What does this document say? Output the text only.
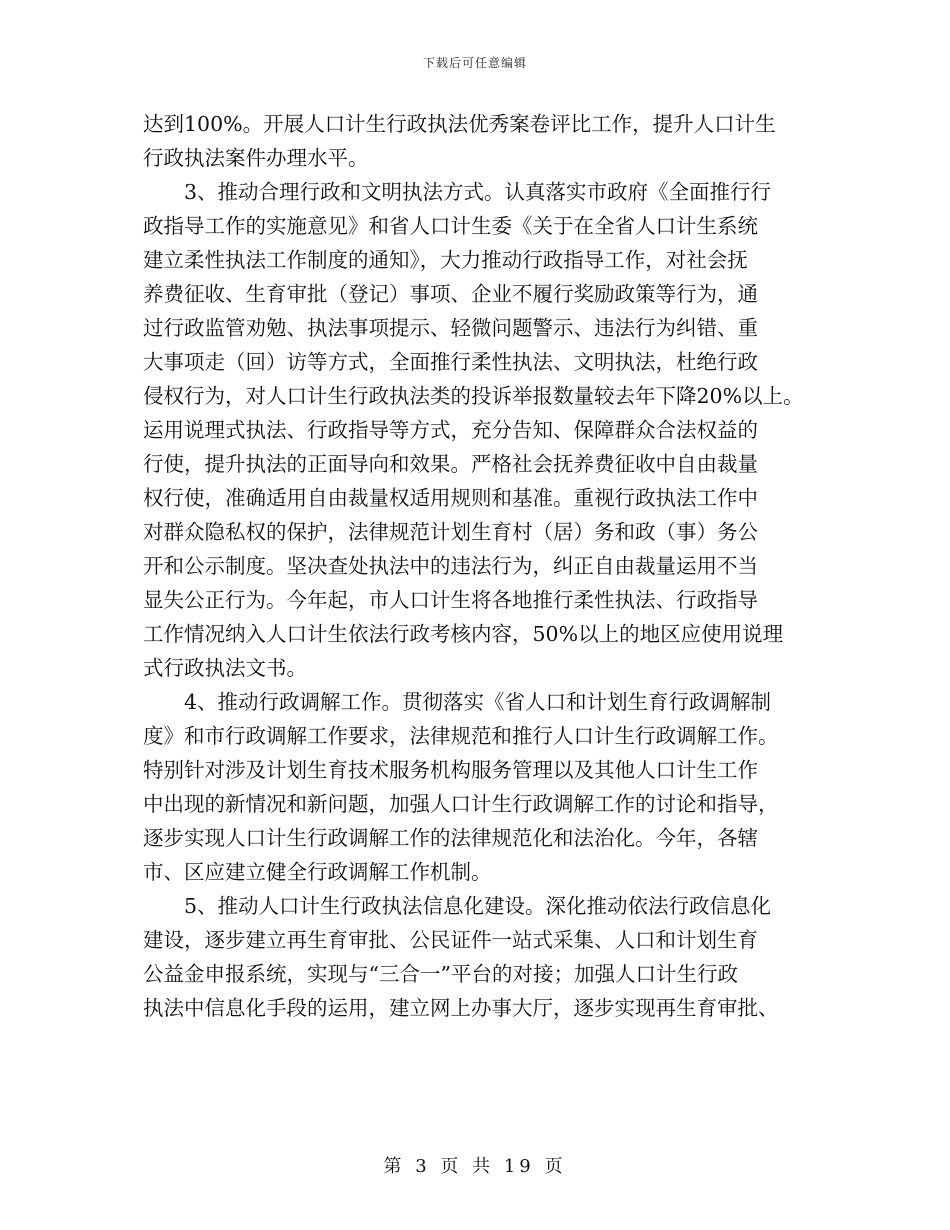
下载后可任意编辑
达到100%。开展人口计生行政执法优秀案卷评比工作，提升人口计生
行政执法案件办理水平。
3、推动合理行政和文明执法方式。认真落实市政府《全面推行行
政指导工作的实施意见》和省人口计生委《关于在全省人口计生系统
建立柔性执法工作制度的通知》，大力推动行政指导工作，对社会抚
养费征收、生育审批（登记）事项、企业不履行奖励政策等行为，通
过行政监管劝勉、执法事项提示、轻微问题警示、违法行为纠错、重
大事项走（回）访等方式，全面推行柔性执法、文明执法，杜绝行政
侵权行为，对人口计生行政执法类的投诉举报数量较去年下降20%以上。
运用说理式执法、行政指导等方式，充分告知、保障群众合法权益的
行使，提升执法的正面导向和效果。严格社会抚养费征收中自由裁量
权行使，准确适用自由裁量权适用规则和基准。重视行政执法工作中
对群众隐私权的保护，法律规范计划生育村（居）务和政（事）务公
开和公示制度。坚决查处执法中的违法行为，纠正自由裁量运用不当
显失公正行为。今年起，市人口计生将各地推行柔性执法、行政指导
工作情况纳入人口计生依法行政考核内容，50%以上的地区应使用说理
式行政执法文书。
4、推动行政调解工作。贯彻落实《省人口和计划生育行政调解制
度》和市行政调解工作要求，法律规范和推行人口计生行政调解工作。
特别针对涉及计划生育技术服务机构服务管理以及其他人口计生工作
中出现的新情况和新问题，加强人口计生行政调解工作的讨论和指导，
逐步实现人口计生行政调解工作的法律规范化和法治化。今年，各辖
市、区应建立健全行政调解工作机制。
5、推动人口计生行政执法信息化建设。深化推动依法行政信息化
建设，逐步建立再生育审批、公民证件一站式采集、人口和计划生育
公益金申报系统，实现与“三合一”平台的对接；加强人口计生行政
执法中信息化手段的运用，建立网上办事大厅，逐步实现再生育审批、
第 3 页 共 19 页
